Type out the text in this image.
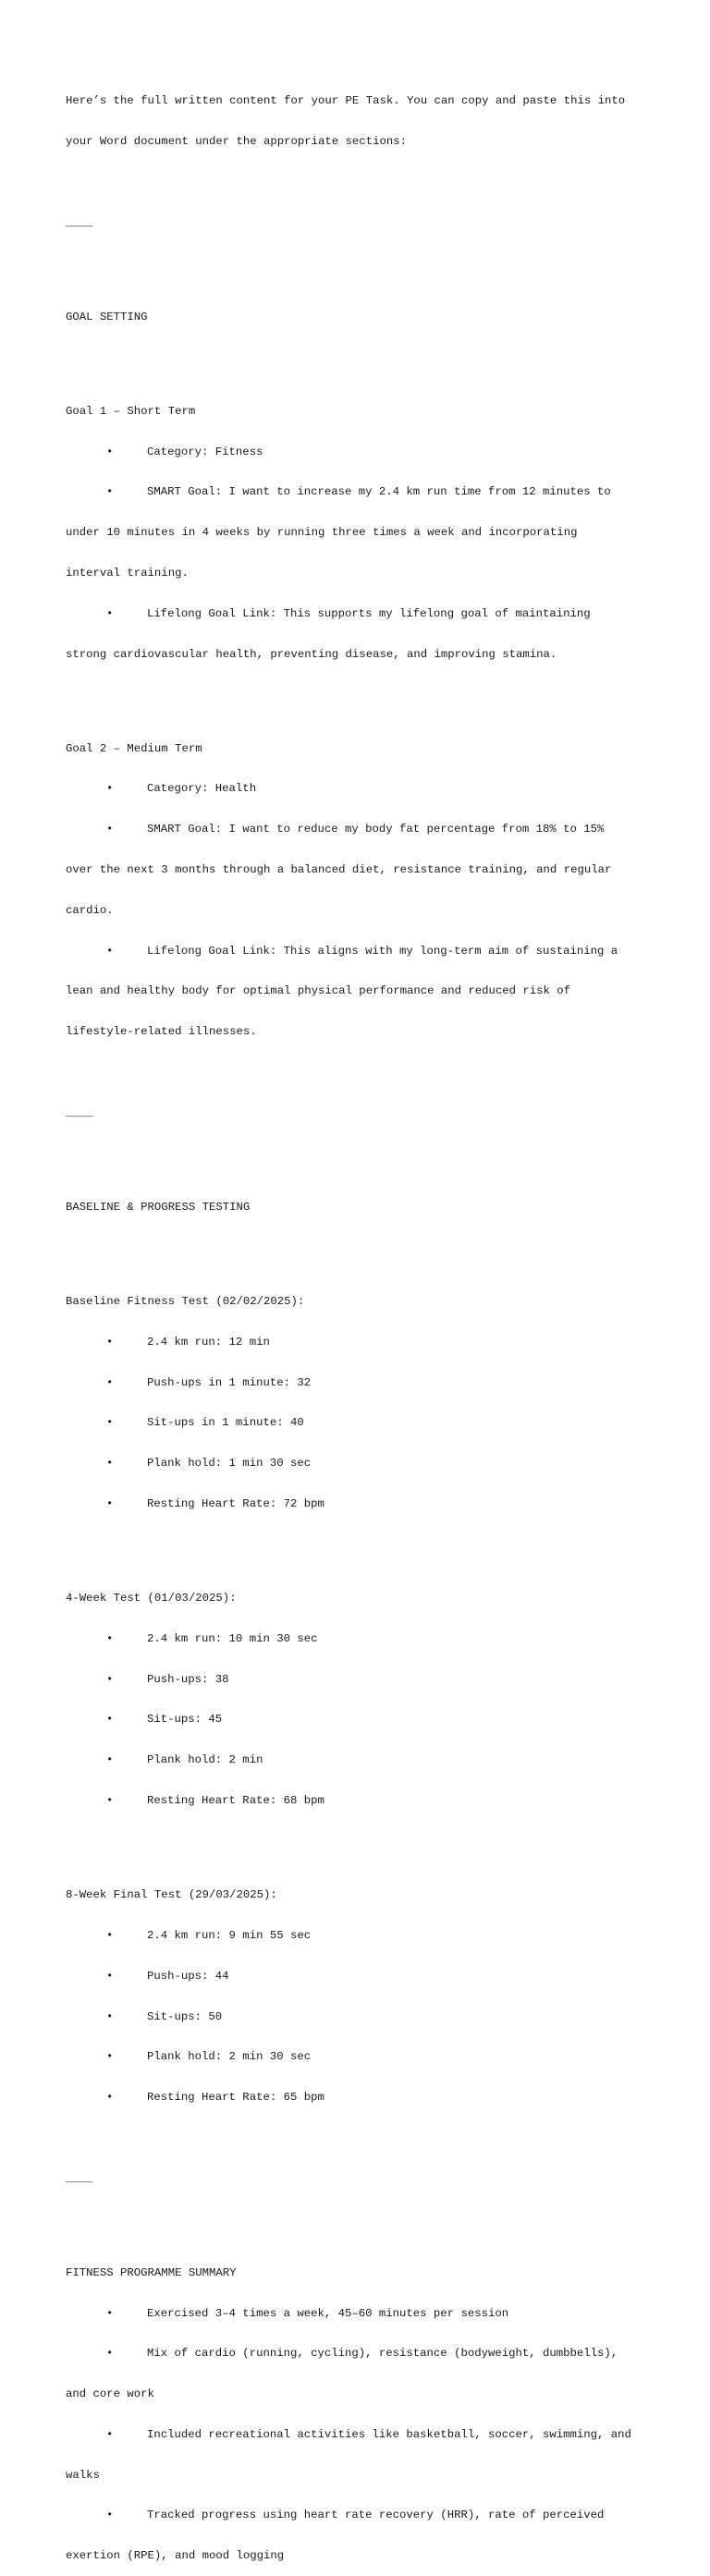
Here’s the full written content for your PE Task. You can copy and paste this into

your Word document under the appropriate sections:

____

GOAL SETTING

Goal 1 – Short Term

•	Category: Fitness

•	SMART Goal: I want to increase my 2.4 km run time from 12 minutes to

under 10 minutes in 4 weeks by running three times a week and incorporating

interval training.

•	Lifelong Goal Link: This supports my lifelong goal of maintaining

strong cardiovascular health, preventing disease, and improving stamina.

Goal 2 – Medium Term

•	Category: Health

•	SMART Goal: I want to reduce my body fat percentage from 18% to 15%

over the next 3 months through a balanced diet, resistance training, and regular

cardio.

•	Lifelong Goal Link: This aligns with my long-term aim of sustaining a

lean and healthy body for optimal physical performance and reduced risk of

lifestyle-related illnesses.

____

BASELINE & PROGRESS TESTING

Baseline Fitness Test (02/02/2025):

•	2.4 km run: 12 min

•	Push-ups in 1 minute: 32

•	Sit-ups in 1 minute: 40

•	Plank hold: 1 min 30 sec

•	Resting Heart Rate: 72 bpm

4-Week Test (01/03/2025):

•	2.4 km run: 10 min 30 sec

•	Push-ups: 38

•	Sit-ups: 45

•	Plank hold: 2 min

•	Resting Heart Rate: 68 bpm

8-Week Final Test (29/03/2025):

•	2.4 km run: 9 min 55 sec

•	Push-ups: 44

•	Sit-ups: 50

•	Plank hold: 2 min 30 sec

•	Resting Heart Rate: 65 bpm

____

FITNESS PROGRAMME SUMMARY

•	Exercised 3–4 times a week, 45–60 minutes per session

•	Mix of cardio (running, cycling), resistance (bodyweight, dumbbells),

and core work

•	Included recreational activities like basketball, soccer, swimming, and

walks

•	Tracked progress using heart rate recovery (HRR), rate of perceived

exertion (RPE), and mood logging
